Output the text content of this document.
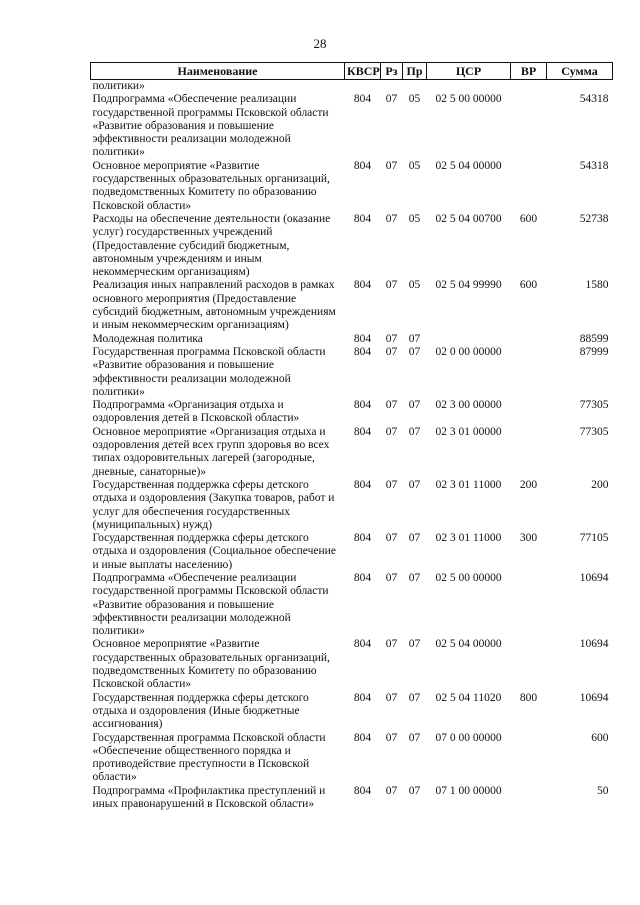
28
Наименование	КВСР	Рз	Пр	ЦСР	ВР	Сумма
политики»						
Подпрограмма «Обеспечение реализации государственной программы Псковской области «Развитие образования и повышение эффективности реализации молодежной политики»	804	07	05	02 5 00 00000		54318
Основное мероприятие «Развитие государственных образовательных организаций, подведомственных Комитету по образованию Псковской области»	804	07	05	02 5 04 00000		54318
Расходы на обеспечение деятельности (оказание услуг) государственных учреждений (Предоставление субсидий бюджетным, автономным учреждениям и иным некоммерческим организациям)	804	07	05	02 5 04 00700	600	52738
Реализация иных направлений расходов в рамках основного мероприятия (Предоставление субсидий бюджетным, автономным учреждениям и иным некоммерческим организациям)	804	07	05	02 5 04 99990	600	1580
Молодежная политика	804	07	07			88599
Государственная программа Псковской области «Развитие образования и повышение эффективности реализации молодежной политики»	804	07	07	02 0 00 00000		87999
Подпрограмма «Организация отдыха и оздоровления детей в Псковской области»	804	07	07	02 3 00 00000		77305
Основное мероприятие «Организация отдыха и оздоровления детей всех групп здоровья во всех типах оздоровительных лагерей (загородные, дневные, санаторные)»	804	07	07	02 3 01 00000		77305
Государственная поддержка сферы детского отдыха и оздоровления (Закупка товаров, работ и услуг для обеспечения государственных (муниципальных) нужд)	804	07	07	02 3 01 11000	200	200
Государственная поддержка сферы детского отдыха и оздоровления (Социальное обеспечение и иные выплаты населению)	804	07	07	02 3 01 11000	300	77105
Подпрограмма «Обеспечение реализации государственной программы Псковской области «Развитие образования и повышение эффективности реализации молодежной политики»	804	07	07	02 5 00 00000		10694
Основное мероприятие «Развитие государственных образовательных организаций, подведомственных Комитету по образованию Псковской области»	804	07	07	02 5 04 00000		10694
Государственная поддержка сферы детского отдыха и оздоровления (Иные бюджетные ассигнования)	804	07	07	02 5 04 11020	800	10694
Государственная программа Псковской области «Обеспечение общественного порядка и противодействие преступности в Псковской области»	804	07	07	07 0 00 00000		600
Подпрограмма «Профилактика преступлений и иных правонарушений в Псковской области»	804	07	07	07 1 00 00000		50
